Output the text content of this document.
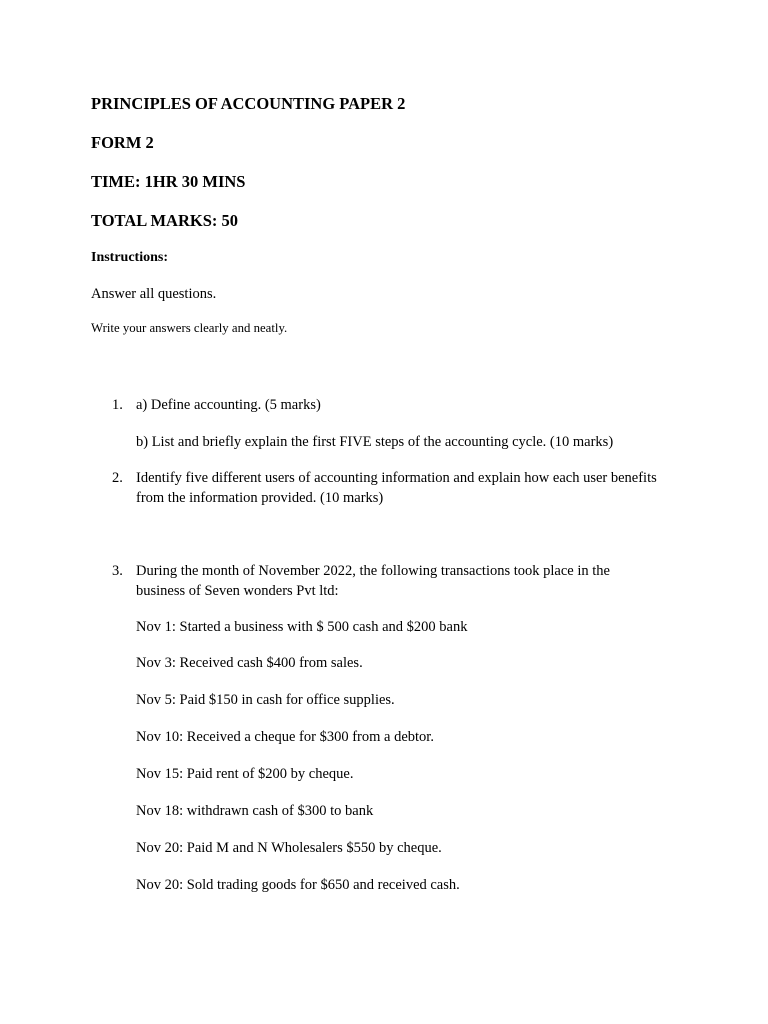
PRINCIPLES OF ACCOUNTING PAPER 2
FORM 2
TIME: 1HR 30 MINS
TOTAL MARKS: 50
Instructions:
Answer all questions.
Write your answers clearly and neatly.
1. a) Define accounting. (5 marks)
b) List and briefly explain the first FIVE steps of the accounting cycle. (10 marks)
2. Identify five different users of accounting information and explain how each user benefits from the information provided. (10 marks)
3. During the month of November 2022, the following transactions took place in the business of Seven wonders Pvt ltd:
Nov 1: Started a business with $ 500 cash and $200 bank
Nov 3: Received cash $400 from sales.
Nov 5: Paid $150 in cash for office supplies.
Nov 10: Received a cheque for $300 from a debtor.
Nov 15: Paid rent of $200 by cheque.
Nov 18: withdrawn cash of $300 to bank
Nov 20: Paid M and N Wholesalers $550 by cheque.
Nov 20: Sold trading goods for $650 and received cash.
